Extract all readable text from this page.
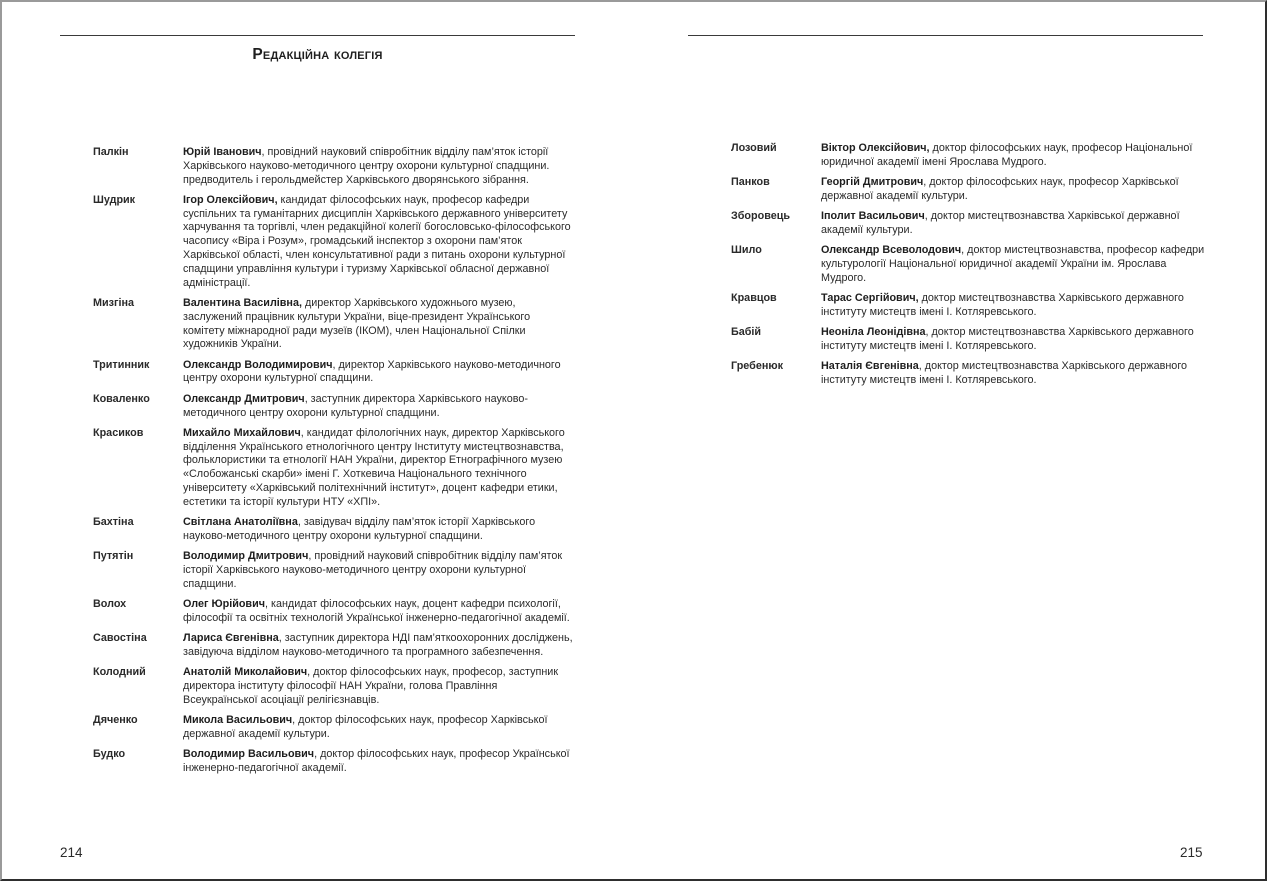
Редакційна колегія
Палкін	Юрій Іванович, провідний науковий співробітник відділу пам’яток історії Харківського науково-методичного центру охорони культурної спадщини. предводитель і герольдмейстер Харківського дворянського зібрання.
Шудрик	Ігор Олексійович, кандидат філософських наук, професор кафедри суспільних та гуманітарних дисциплін Харківського державного університету харчування та торгівлі, член редакційної колегії богословсько-філософського часопису «Віра і Розум», громадський інспектор з охорони пам’яток Харківської області, член консультативної ради з питань охорони культурної спадщини управління культури і туризму Харківської обласної державної адміністрації.
Мизгіна	Валентина Василівна, директор Харківського художнього музею, заслужений працівник культури України, віце-президент Українського комітету міжнародної ради музеїв (ІКОМ), член Національної Спілки художників України.
Тритинник	Олександр Володимирович, директор Харківського науково-методичного центру охорони культурної спадщини.
Коваленко	Олександр Дмитрович, заступник директора Харківського науково-методичного центру охорони культурної спадщини.
Красиков	Михайло Михайлович, кандидат філологічних наук, директор Харківського відділення Українського етнологічного центру Інституту мистецтвознавства, фольклористики та етнології НАН України, директор Етнографічного музею «Слобожанські скарби» імені Г. Хоткевича Національного технічного університету «Харківський політехнічний інститут», доцент кафедри етики, естетики та історії культури НТУ «ХПІ».
Бахтіна	Світлана Анатоліївна, завідувач відділу пам’яток історії Харківського науково-методичного центру охорони культурної спадщини.
Путятін	Володимир Дмитрович, провідний науковий співробітник відділу пам’яток історії Харківського науково-методичного центру охорони культурної спадщини.
Волох	Олег Юрійович, кандидат філософських наук, доцент кафедри психології, філософії та освітніх технологій Української інженерно-педагогічної академії.
Савостіна	Лариса Євгенівна, заступник директора НДІ пам’яткоохоронних досліджень, завідуюча відділом науково-методичного та програмного забезпечення.
Колодний	Анатолій Миколайович, доктор філософських наук, професор, заступник директора інституту філософії НАН України, голова Правління Всеукраїнської асоціації релігієзнавців.
Дяченко	Микола Васильович, доктор філософських наук, професор Харківської державної академії культури.
Будко	Володимир Васильович, доктор філософських наук, професор Української інженерно-педагогічної академії.
214
Лозовий	Віктор Олексійович, доктор філософських наук, професор Національної юридичної академії імені Ярослава Мудрого.
Панков	Георгій Дмитрович, доктор філософських наук, професор Харківської державної академії культури.
Зборовець	Іполит Васильович, доктор мистецтвознавства Харківської державної академії культури.
Шило	Олександр Всеволодович, доктор мистецтвознавства, професор кафедри культурології Національної юридичної академії України ім. Ярослава Мудрого.
Кравцов	Тарас Сергійович, доктор мистецтвознавства Харківського державного інституту мистецтв імені І. Котляревського.
Бабій	Неоніла Леонідівна, доктор мистецтвознавства Харківського державного інституту мистецтв імені І. Котляревського.
Гребенюк	Наталія Євгенівна, доктор мистецтвознавства Харківського державного інституту мистецтв імені І. Котляревського.
215
